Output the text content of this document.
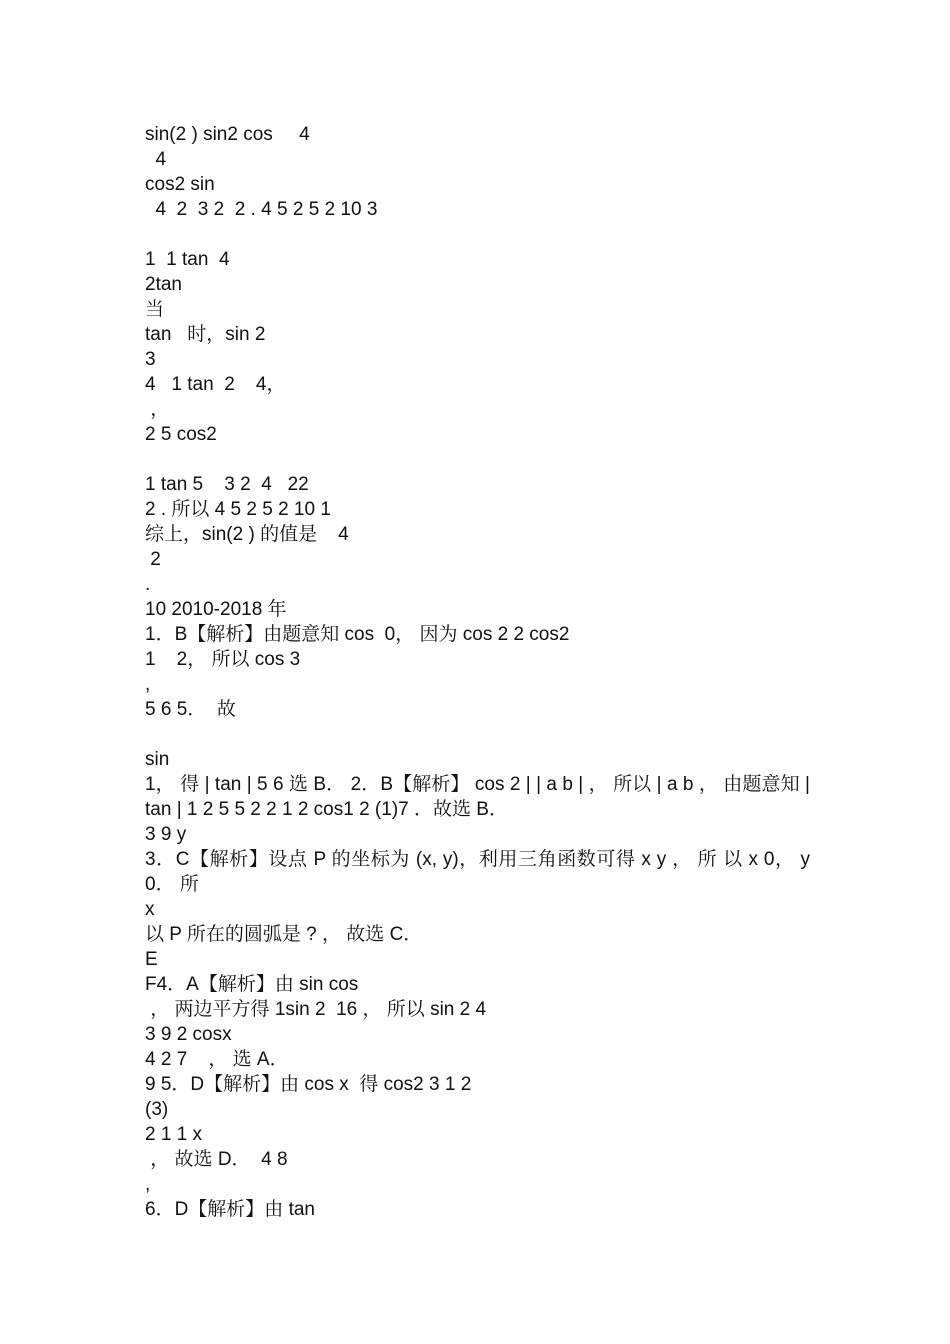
sin(2 ) sin2 cos     4
4
cos2 sin
4  2  3 2  2 . 4 5 2 5 2 10 3
1  1 tan  4
2tan
当
tan   时，sin 2
3
4   1 tan  2    4，
，
2 5 cos2
1 tan 5    3 2  4   22
2 . 所以 4 5 2 5 2 10 1
综上，sin(2 ) 的值是    4
2
.
10 2010-2018 年
1．B【解析】由题意知 cos  0， 因为 cos 2 2 cos2
1    2， 所以 cos 3
,
5 6 5．  故
sin
1， 得 | tan | 5 6 选 B． 2．B【解析】 cos 2 | | a b | ， 所以 | a b ， 由题意知 | tan | 1 2 5 5 2 2 1 2 cos1 2 (1)7 ．故选 B．
3 9 y
3．C【解析】设点 P 的坐标为 (x, y)，利用三角函数可得 x y ， 所 以 x 0， y 0． 所
x
以 P 所在的圆弧是 ? ， 故选 C．
E
F4．A【解析】由 sin cos
， 两边平方得 1sin 2  16 ， 所以 sin 2 4
3 9 2 cosx
4 2 7    ， 选 A．
9 5．D【解析】由 cos x  得 cos2 3 1 2
(3)
2 1 1 x
， 故选 D．  4 8
,
6．D【解析】由 tan
